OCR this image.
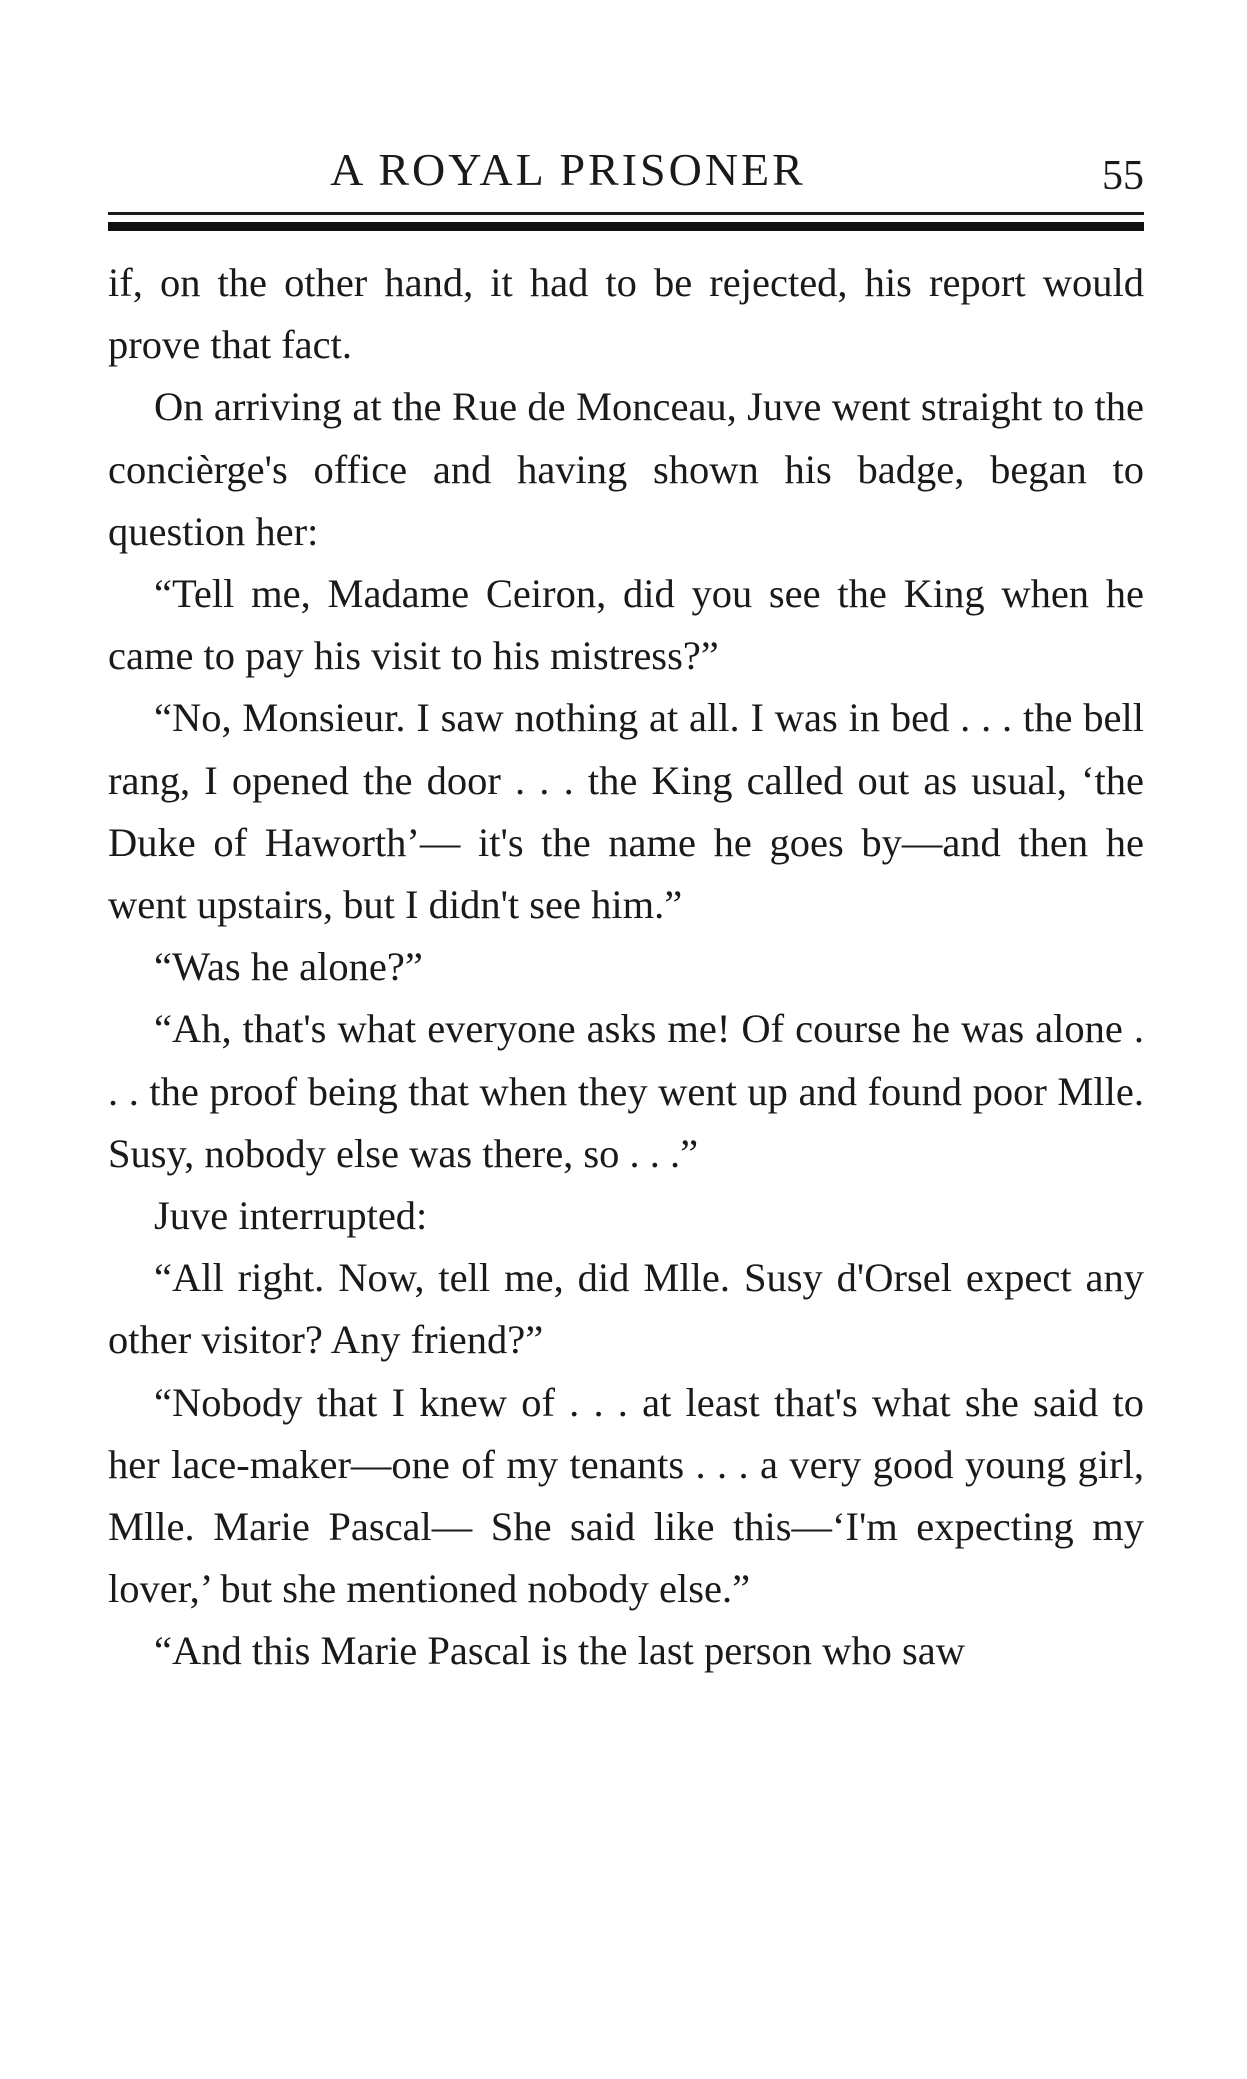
A ROYAL PRISONER	55

if, on the other hand, it had to be rejected, his report would prove that fact.

On arriving at the Rue de Monceau, Juve went straight to the concièrge's office and having shown his badge, began to question her:

“Tell me, Madame Ceiron, did you see the King when he came to pay his visit to his mistress?”

“No, Monsieur. I saw nothing at all. I was in bed . . . the bell rang, I opened the door . . . the King called out as usual, ‘the Duke of Haworth’— it's the name he goes by—and then he went upstairs, but I didn't see him.”

“Was he alone?”

“Ah, that's what everyone asks me! Of course he was alone . . . the proof being that when they went up and found poor Mlle. Susy, nobody else was there, so . . .”

Juve interrupted:

“All right. Now, tell me, did Mlle. Susy d'Orsel expect any other visitor? Any friend?”

“Nobody that I knew of . . . at least that's what she said to her lace-maker—one of my tenants . . . a very good young girl, Mlle. Marie Pascal— She said like this—‘I'm expecting my lover,’ but she mentioned nobody else.”

“And this Marie Pascal is the last person who saw
